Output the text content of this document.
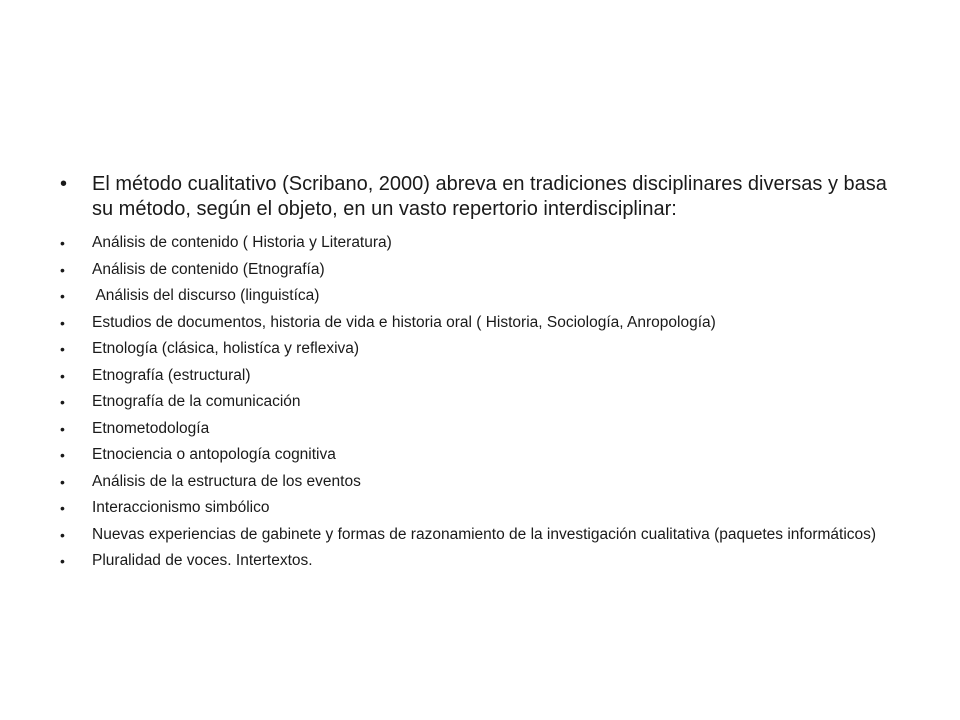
• El método cualitativo (Scribano, 2000) abreva en tradiciones disciplinares diversas y basa su método, según el objeto, en un vasto repertorio interdisciplinar:
• Análisis de contenido ( Historia y Literatura)
• Análisis de contenido (Etnografía)
• Análisis del discurso (linguistíca)
• Estudios de documentos, historia de vida e historia oral ( Historia, Sociología, Anropología)
• Etnología (clásica, holistíca y reflexiva)
• Etnografía (estructural)
• Etnografía de la comunicación
• Etnometodología
• Etnociencia o antopología cognitiva
• Análisis de la estructura de los eventos
• Interaccionismo simbólico
• Nuevas experiencias de gabinete y formas de razonamiento de la investigación cualitativa (paquetes informáticos)
• Pluralidad de voces. Intertextos.
